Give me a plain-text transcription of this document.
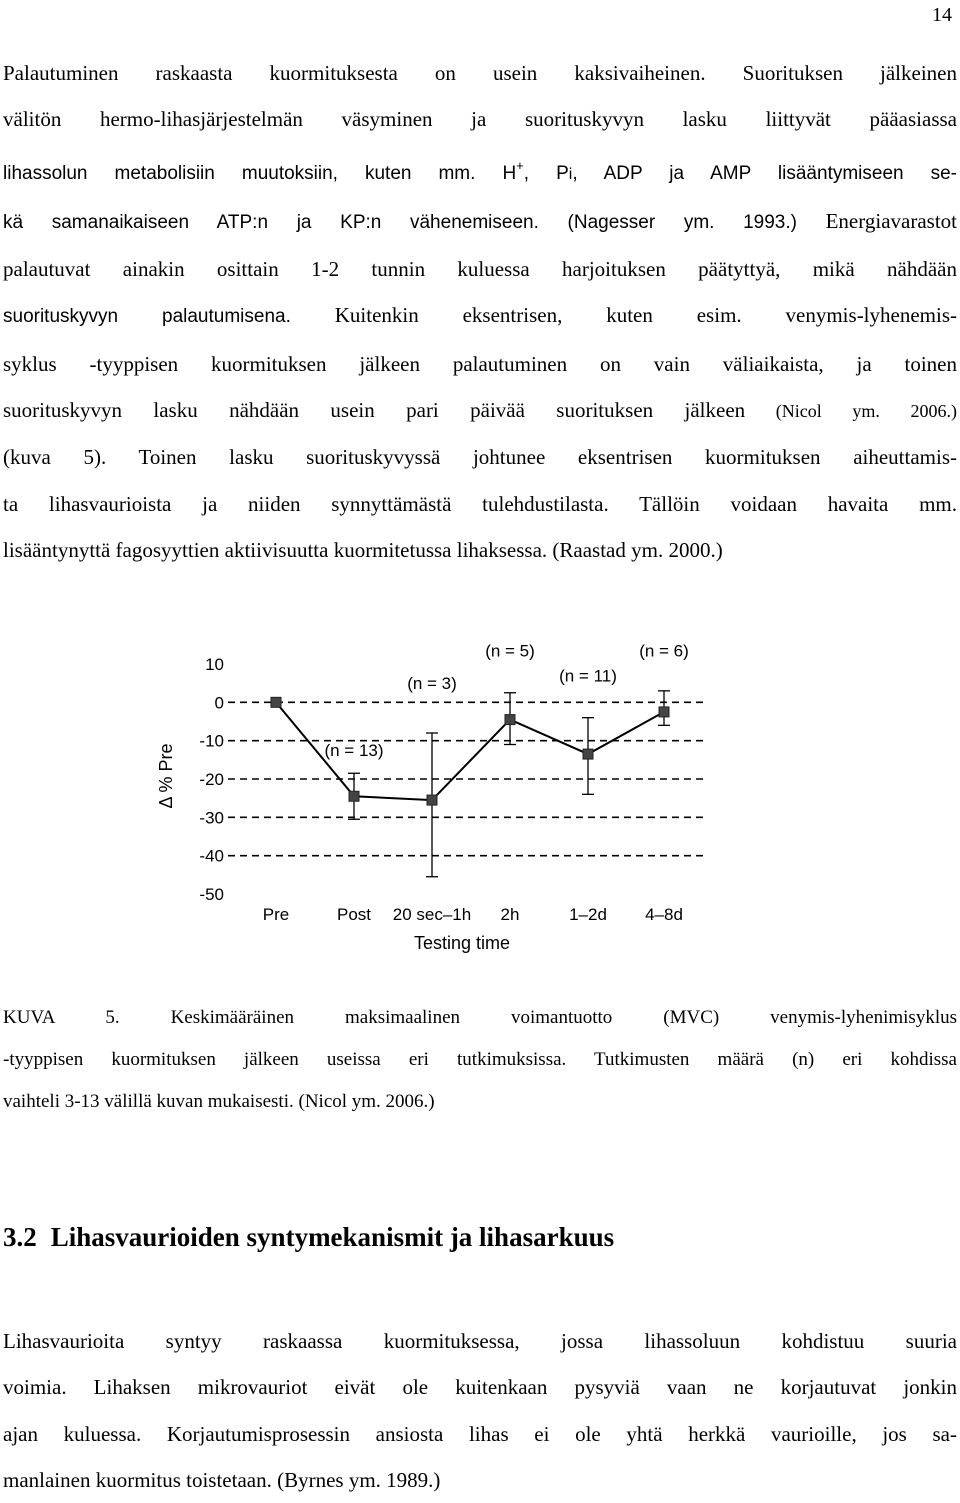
14
Palautuminen raskaasta kuormituksesta on usein kaksivaiheinen. Suorituksen jälkeinen
välitön hermo-lihasjärjestelmän väsyminen ja suorituskyvyn lasku liittyvät pääasiassa
lihassolun metabolisiin muutoksiin, kuten mm. H+, Pi, ADP ja AMP lisääntymiseen se-
kä samanaikaiseen ATP:n ja KP:n vähenemiseen. (Nagesser ym. 1993.) Energiavarastot
palautuvat ainakin osittain 1-2 tunnin kuluessa harjoituksen päätyttyä, mikä nähdään
suorituskyvyn palautumisena. Kuitenkin eksentrisen, kuten esim. venymis-lyhenemis-
syklus -tyyppisen kuormituksen jälkeen palautuminen on vain väliaikaista, ja toinen
suorituskyvyn lasku nähdään usein pari päivää suorituksen jälkeen (Nicol ym. 2006.)
(kuva 5). Toinen lasku suorituskyvyssä johtunee eksentrisen kuormituksen aiheuttamis-
ta lihasvaurioista ja niiden synnyttämästä tulehdustilasta. Tällöin voidaan havaita mm.
lisääntynyttä fagosyyttien aktiivisuutta kuormitetussa lihaksessa. (Raastad ym. 2000.)
10
0
-10
-20
-30
-40
-50
Pre	Post 20 sec–1h 2h	1–2d 4–8d
(n = 13)
(n = 3)
(n = 5)
(n = 11)
(n = 6)
Δ % Pre
Testing time
KUVA 5. Keskimääräinen maksimaalinen voimantuotto (MVC) venymis-lyhenimisyklus
-tyyppisen kuormituksen jälkeen useissa eri tutkimuksissa. Tutkimusten määrä (n) eri kohdissa
vaihteli 3-13 välillä kuvan mukaisesti. (Nicol ym. 2006.)
3.2 Lihasvaurioiden syntymekanismit ja lihasarkuus
Lihasvaurioita syntyy raskaassa kuormituksessa, jossa lihassoluun kohdistuu suuria
voimia. Lihaksen mikrovauriot eivät ole kuitenkaan pysyviä vaan ne korjautuvat jonkin
ajan kuluessa. Korjautumisprosessin ansiosta lihas ei ole yhtä herkkä vaurioille, jos sa-
manlainen kuormitus toistetaan. (Byrnes ym. 1989.)
